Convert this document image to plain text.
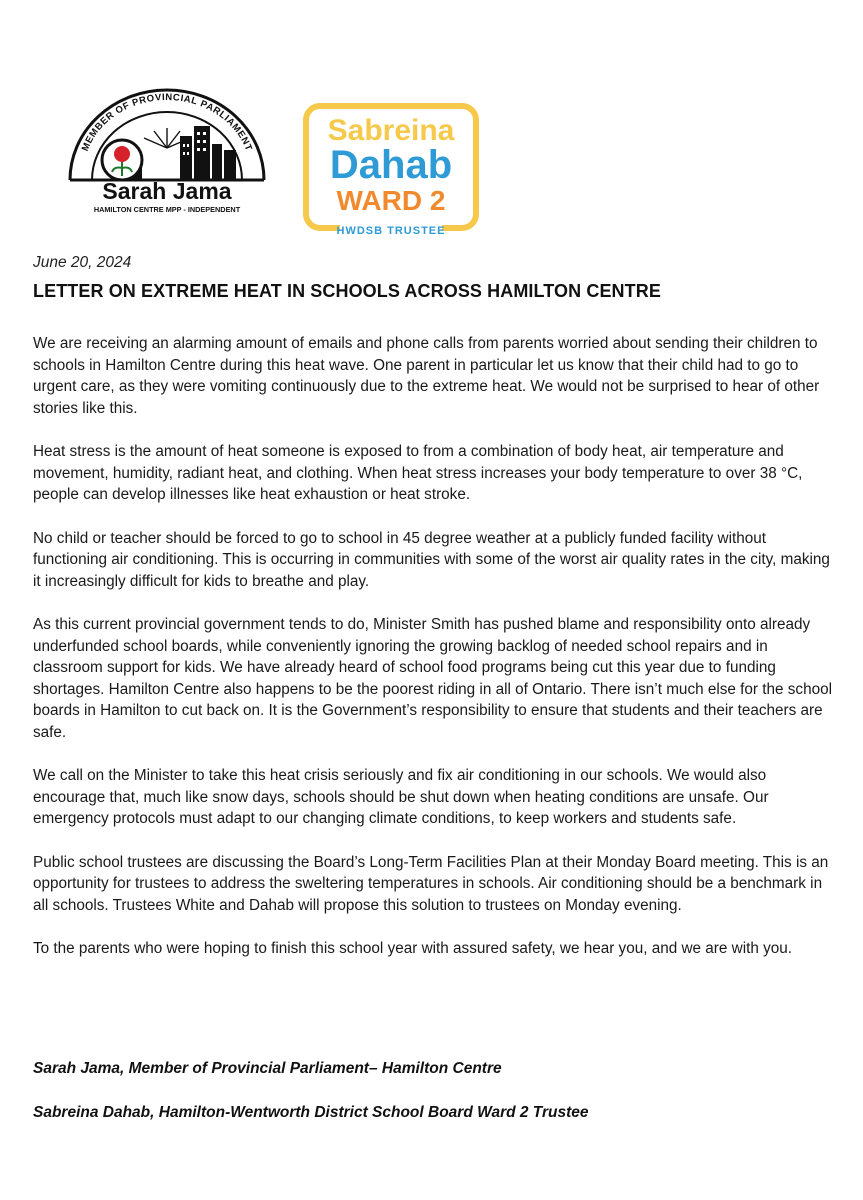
MEMBER OF PROVINCIAL PARLIAMENT
Sarah Jama
HAMILTON CENTRE MPP - INDEPENDENT
Sabreina
Dahab
WARD 2
HWDSB TRUSTEE
June 20, 2024
LETTER ON EXTREME HEAT IN SCHOOLS ACROSS HAMILTON CENTRE

We are receiving an alarming amount of emails and phone calls from parents worried about sending their children to schools in Hamilton Centre during this heat wave. One parent in particular let us know that their child had to go to urgent care, as they were vomiting continuously due to the extreme heat. We would not be surprised to hear of other stories like this.

Heat stress is the amount of heat someone is exposed to from a combination of body heat, air temperature and movement, humidity, radiant heat, and clothing. When heat stress increases your body temperature to over 38 °C, people can develop illnesses like heat exhaustion or heat stroke.

No child or teacher should be forced to go to school in 45 degree weather at a publicly funded facility without functioning air conditioning. This is occurring in communities with some of the worst air quality rates in the city, making it increasingly difficult for kids to breathe and play.

As this current provincial government tends to do, Minister Smith has pushed blame and responsibility onto already underfunded school boards, while conveniently ignoring the growing backlog of needed school repairs and in classroom support for kids. We have already heard of school food programs being cut this year due to funding shortages. Hamilton Centre also happens to be the poorest riding in all of Ontario. There isn’t much else for the school boards in Hamilton to cut back on. It is the Government’s responsibility to ensure that students and their teachers are safe.

We call on the Minister to take this heat crisis seriously and fix air conditioning in our schools. We would also encourage that, much like snow days, schools should be shut down when heating conditions are unsafe. Our emergency protocols must adapt to our changing climate conditions, to keep workers and students safe.

Public school trustees are discussing the Board’s Long-Term Facilities Plan at their Monday Board meeting. This is an opportunity for trustees to address the sweltering temperatures in schools. Air conditioning should be a benchmark in all schools. Trustees White and Dahab will propose this solution to trustees on Monday evening.

To the parents who were hoping to finish this school year with assured safety, we hear you, and we are with you.

Sarah Jama, Member of Provincial Parliament– Hamilton Centre
Sabreina Dahab, Hamilton-Wentworth District School Board Ward 2 Trustee
